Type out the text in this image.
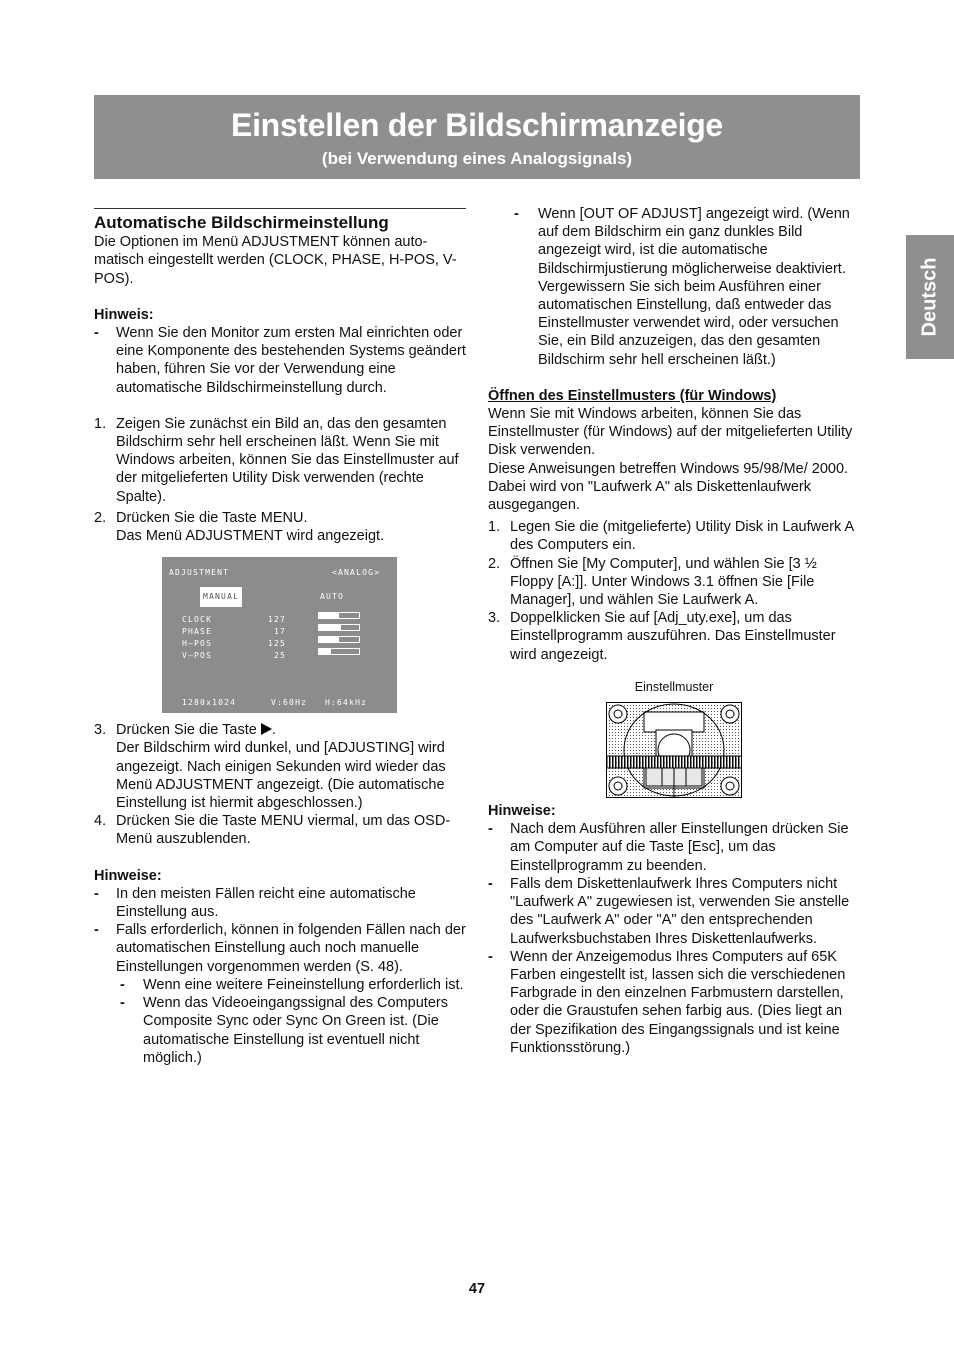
Einstellen der Bildschirmanzeige
(bei Verwendung eines Analogsignals)
Deutsch
Automatische Bildschirmeinstellung

Die Optionen im Menü ADJUSTMENT können auto-matisch eingestellt werden (CLOCK, PHASE, H-POS, V-POS).

Hinweis:

- Wenn Sie den Monitor zum ersten Mal einrichten oder eine Komponente des bestehenden Systems geändert haben, führen Sie vor der Verwendung eine automatische Bildschirmeinstellung durch.
1. Zeigen Sie zunächst ein Bild an, das den gesamten Bildschirm sehr hell erscheinen läßt. Wenn Sie mit Windows arbeiten, können Sie das Einstellmuster auf der mitgelieferten Utility Disk verwenden (rechte Spalte).
2. Drücken Sie die Taste MENU.
Das Menü ADJUSTMENT wird angezeigt.
ADJUSTMENT	<ANALOG>
MANUAL	AUTO
CLOCK	127
PHASE	17
H—POS	125
V—POS	25
1280x1024	V:60Hz H:64kHz
3. Drücken Sie die Taste .
Der Bildschirm wird dunkel, und [ADJUSTING] wird angezeigt. Nach einigen Sekunden wird wieder das Menü ADJUSTMENT angezeigt. (Die automatische Einstellung ist hiermit abgeschlossen.)
4. Drücken Sie die Taste MENU viermal, um das OSD-Menü auszublenden.

Hinweise:

- In den meisten Fällen reicht eine automatische Einstellung aus.
- Falls erforderlich, können in folgenden Fällen nach der automatischen Einstellung auch noch manuelle Einstellungen vorgenommen werden (S. 48).
- Wenn eine weitere Feineinstellung erforderlich ist.
- Wenn das Videoeingangssignal des Computers Composite Sync oder Sync On Green ist. (Die automatische Einstellung ist eventuell nicht möglich.)
- Wenn [OUT OF ADJUST] angezeigt wird. (Wenn auf dem Bildschirm ein ganz dunkles Bild angezeigt wird, ist die automatische Bildschirmjustierung möglicherweise deaktiviert. Vergewissern Sie sich beim Ausführen einer automatischen Einstellung, daß entweder das Einstellmuster verwendet wird, oder versuchen Sie, ein Bild anzuzeigen, das den gesamten Bildschirm sehr hell erscheinen läßt.)

Öffnen des Einstellmusters (für Windows)

Wenn Sie mit Windows arbeiten, können Sie das Einstellmuster (für Windows) auf der mitgelieferten Utility Disk verwenden.

Diese Anweisungen betreffen Windows 95/98/Me/ 2000. Dabei wird von "Laufwerk A" als Diskettenlaufwerk ausgegangen.

1. Legen Sie die (mitgelieferte) Utility Disk in Laufwerk A des Computers ein.
2. Öffnen Sie [My Computer], und wählen Sie [3 ½ Floppy [A:]]. Unter Windows 3.1 öffnen Sie [File Manager], und wählen Sie Laufwerk A.
3. Doppelklicken Sie auf [Adj_uty.exe], um das Einstellprogramm auszuführen. Das Einstellmuster wird angezeigt.
Einstellmuster

Hinweise:

- Nach dem Ausführen aller Einstellungen drücken Sie am Computer auf die Taste [Esc], um das Einstellprogramm zu beenden.
- Falls dem Diskettenlaufwerk Ihres Computers nicht "Laufwerk A" zugewiesen ist, verwenden Sie anstelle des "Laufwerk A" oder "A" den entsprechenden Laufwerksbuchstaben Ihres Diskettenlaufwerks.
- Wenn der Anzeigemodus Ihres Computers auf 65K Farben eingestellt ist, lassen sich die verschiedenen Farbgrade in den einzelnen Farbmustern darstellen, oder die Graustufen sehen farbig aus. (Dies liegt an der Spezifikation des Eingangssignals und ist keine Funktionsstörung.)
47
